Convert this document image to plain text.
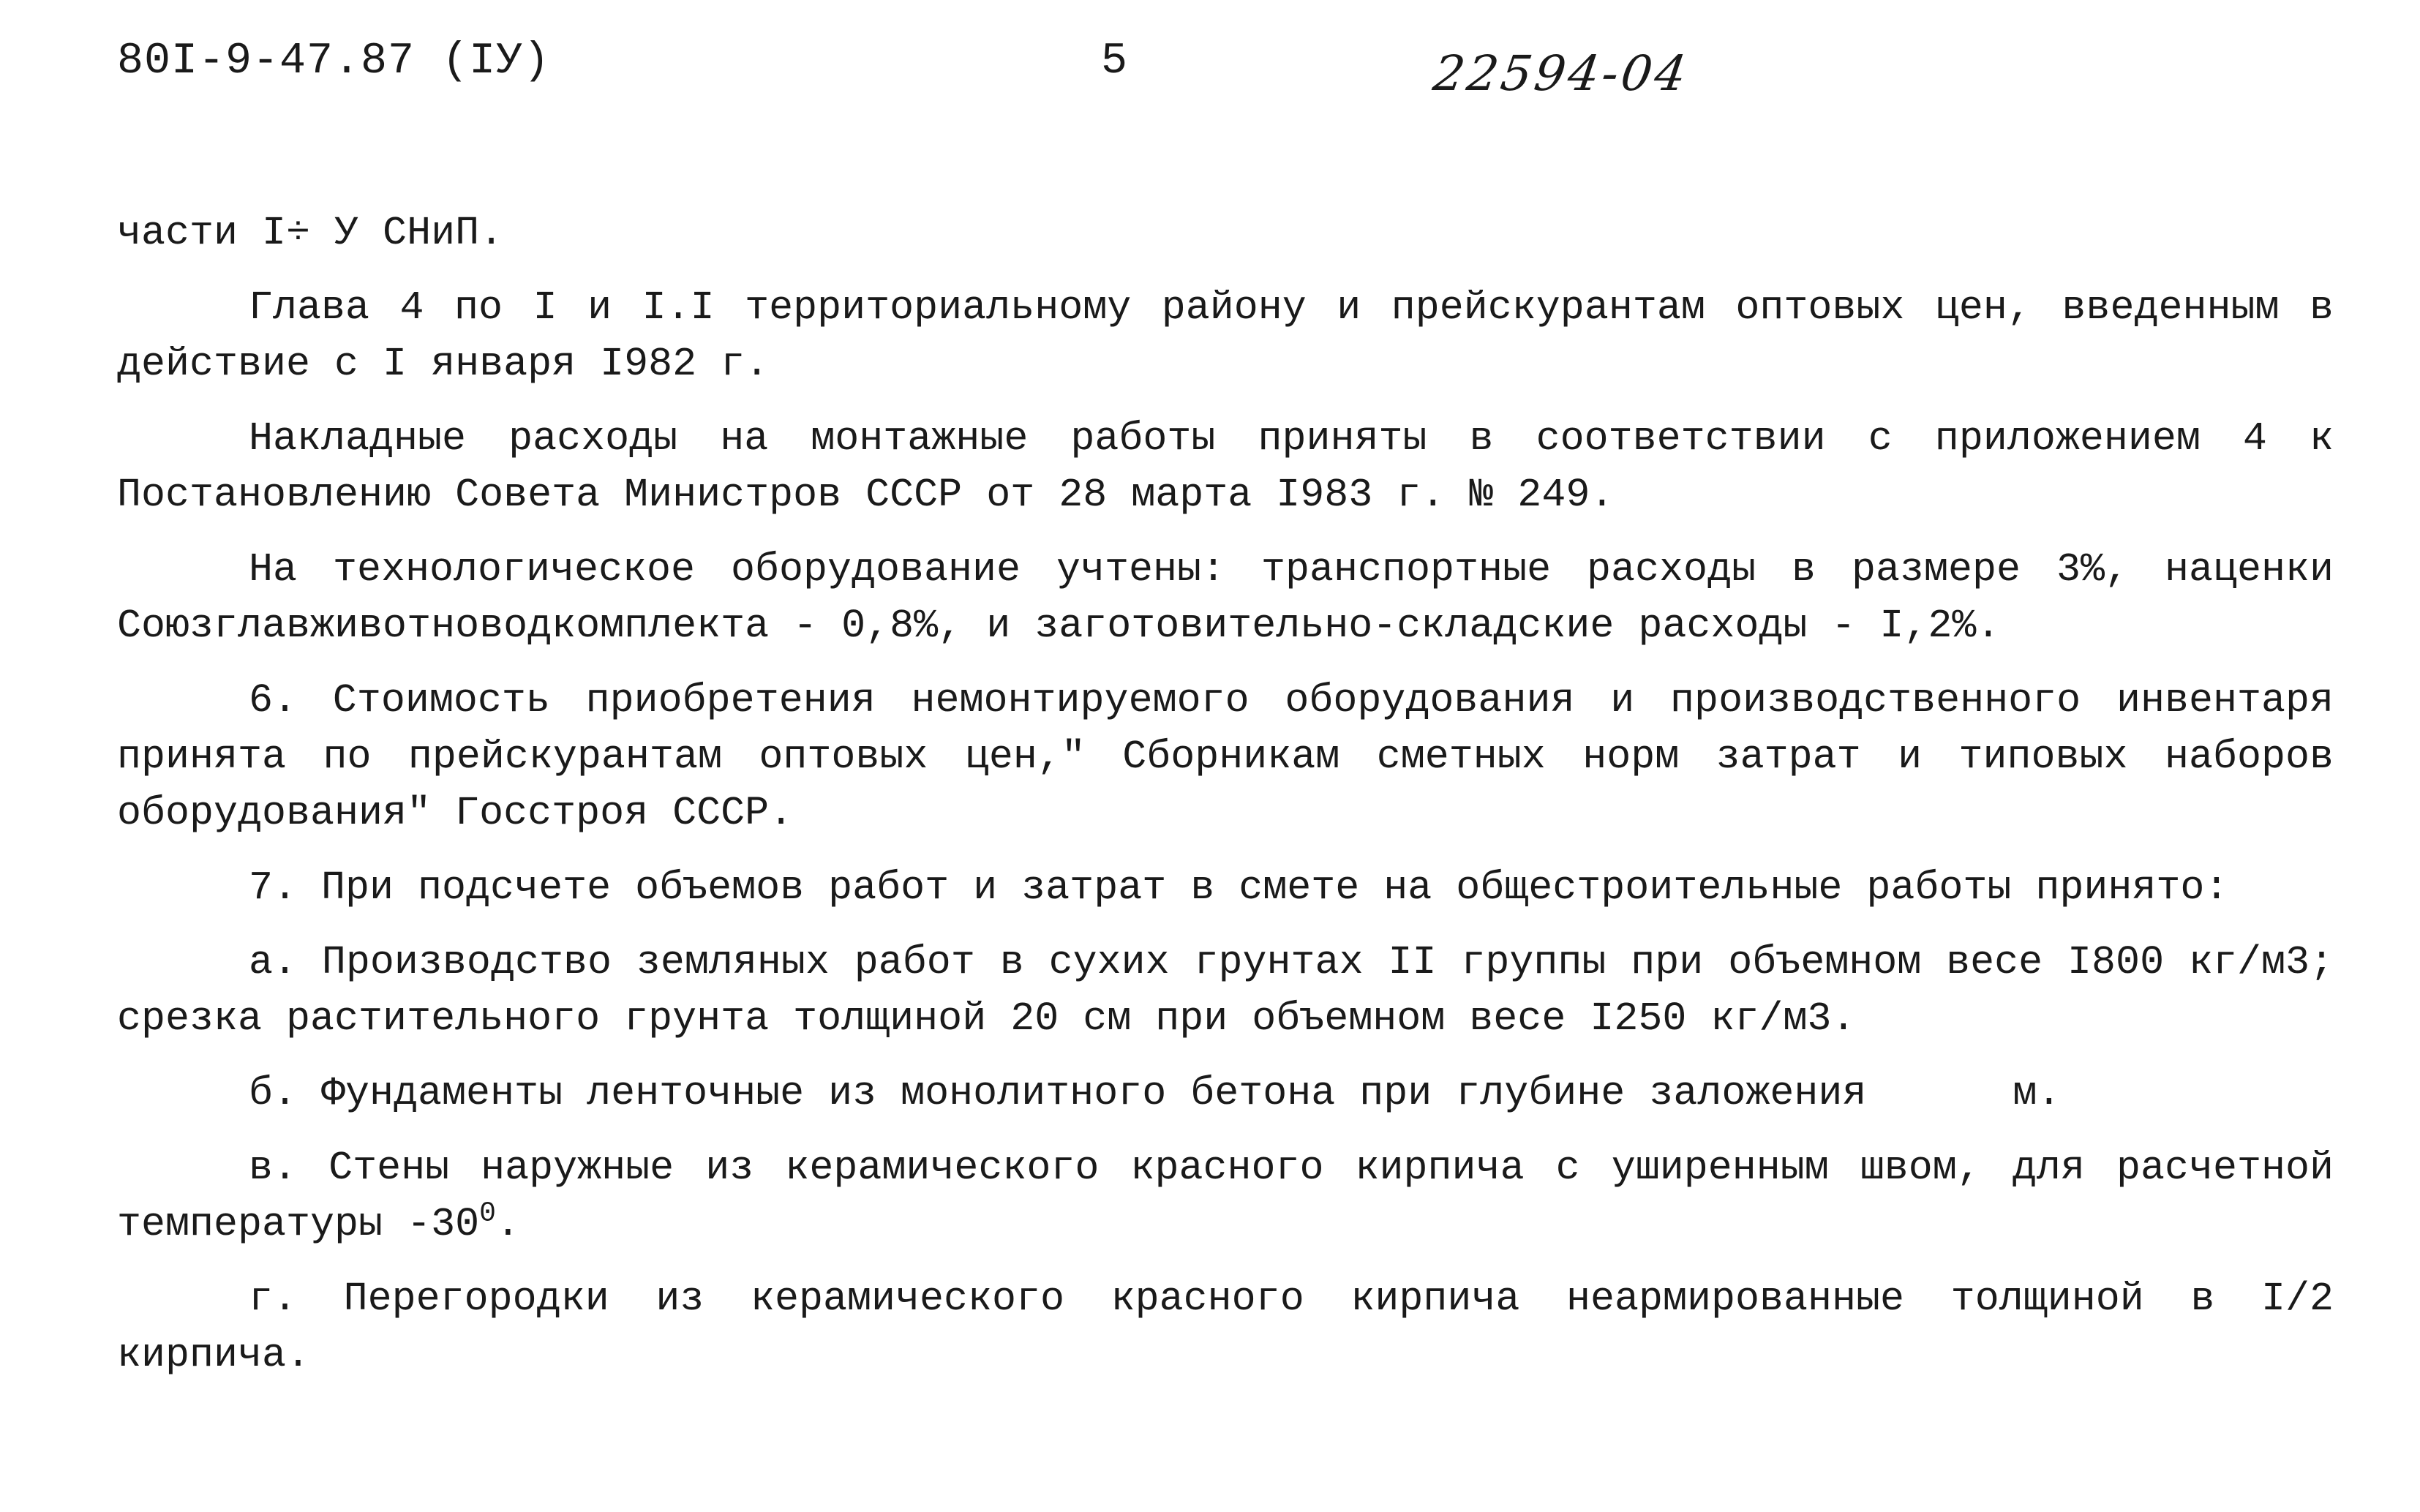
80I-9-47.87 (IУ)	5	22594-04

части I÷ У СНиП.

Глава 4 по I и I.I территориальному району и прейскурантам оптовых цен, введенным в действие с I января I982 г.

Накладные расходы на монтажные работы приняты в соответствии с приложением 4 к Постановлению Совета Министров СССР от 28 марта I983 г. № 249.

На технологическое оборудование учтены: транспортные расходы в размере 3%, наценки Союзглавживотноводкомплекта - 0,8%, и заготовительно-складские расходы - I,2%.

6. Стоимость приобретения немонтируемого оборудования и производственного инвентаря принята по прейскурантам оптовых цен," Сборникам сметных норм затрат и типовых наборов оборудования" Госстроя СССР.

7. При подсчете объемов работ и затрат в смете на общестроительные работы принято:

а. Производство земляных работ в сухих грунтах II группы при объемном весе I800 кг/м3; срезка растительного грунта толщиной 20 см при объемном весе I250 кг/м3.

б. Фундаменты ленточные из монолитного бетона при глубине заложения	м.

в. Стены наружные из керамического красного кирпича с уширенным швом, для расчетной температуры $-30^0$.

г. Перегородки из керамического красного кирпича неармированные толщиной в I/2 кирпича.
